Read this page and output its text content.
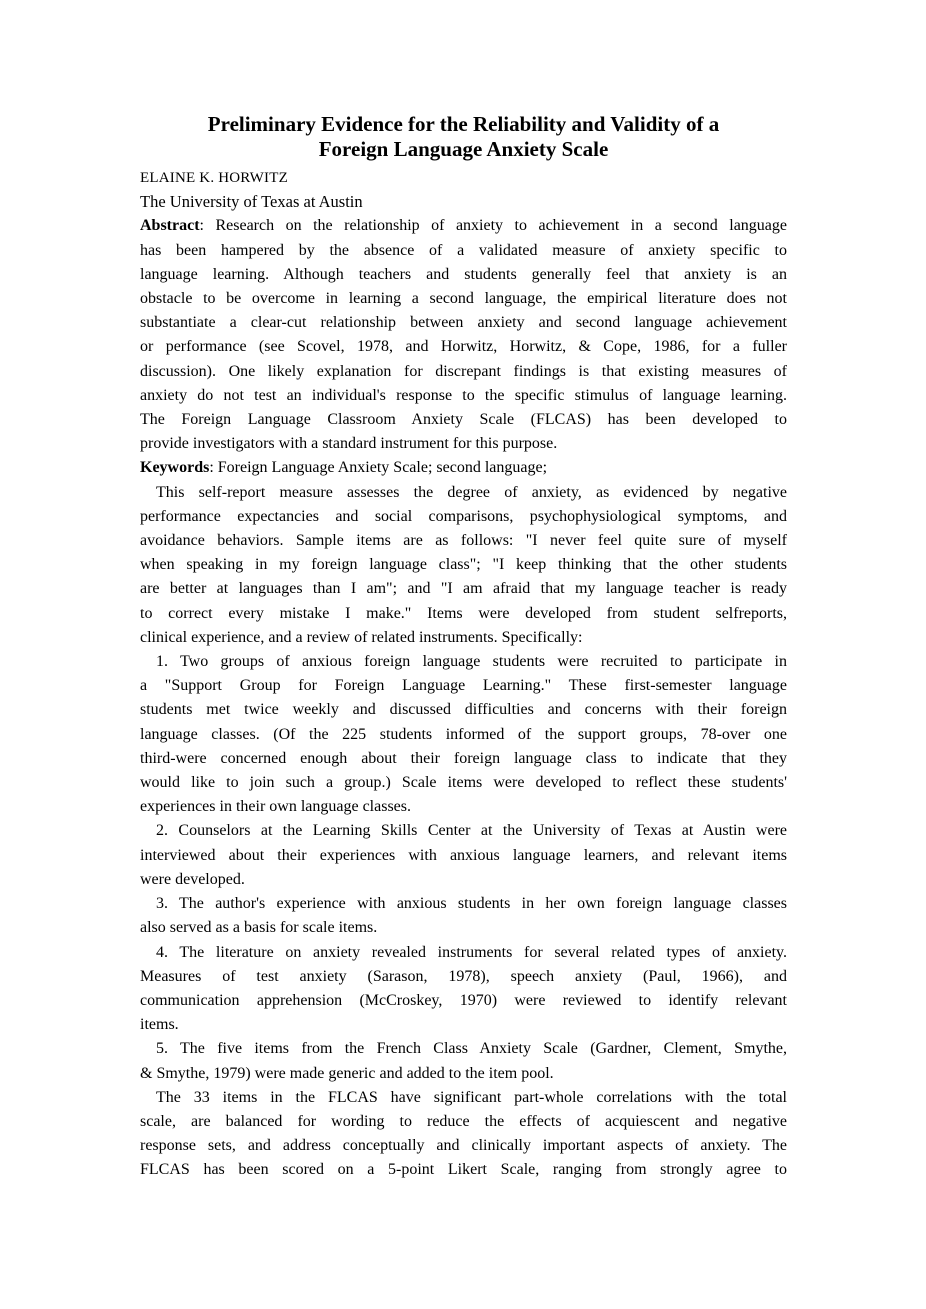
Preliminary Evidence for the Reliability and Validity of a
Foreign Language Anxiety Scale
ELAINE K. HORWITZ
The University of Texas at Austin
Abstract: Research on the relationship of anxiety to achievement in a second language
has been hampered by the absence of a validated measure of anxiety specific to
language learning. Although teachers and students generally feel that anxiety is an
obstacle to be overcome in learning a second language, the empirical literature does not
substantiate a clear-cut relationship between anxiety and second language achievement
or performance (see Scovel, 1978, and Horwitz, Horwitz, & Cope, 1986, for a fuller
discussion). One likely explanation for discrepant findings is that existing measures of
anxiety do not test an individual's response to the specific stimulus of language learning.
The Foreign Language Classroom Anxiety Scale (FLCAS) has been developed to
provide investigators with a standard instrument for this purpose.
Keywords: Foreign Language Anxiety Scale; second language;
This self-report measure assesses the degree of anxiety, as evidenced by negative
performance expectancies and social comparisons, psychophysiological symptoms, and
avoidance behaviors. Sample items are as follows: "I never feel quite sure of myself
when speaking in my foreign language class"; "I keep thinking that the other students
are better at languages than I am"; and "I am afraid that my language teacher is ready
to correct every mistake I make." Items were developed from student selfreports,
clinical experience, and a review of related instruments. Specifically:
1. Two groups of anxious foreign language students were recruited to participate in
a "Support Group for Foreign Language Learning." These first-semester language
students met twice weekly and discussed difficulties and concerns with their foreign
language classes. (Of the 225 students informed of the support groups, 78-over one
third-were concerned enough about their foreign language class to indicate that they
would like to join such a group.) Scale items were developed to reflect these students'
experiences in their own language classes.
2. Counselors at the Learning Skills Center at the University of Texas at Austin were
interviewed about their experiences with anxious language learners, and relevant items
were developed.
3. The author's experience with anxious students in her own foreign language classes
also served as a basis for scale items.
4. The literature on anxiety revealed instruments for several related types of anxiety.
Measures of test anxiety (Sarason, 1978), speech anxiety (Paul, 1966), and
communication apprehension (McCroskey, 1970) were reviewed to identify relevant
items.
5. The five items from the French Class Anxiety Scale (Gardner, Clement, Smythe,
& Smythe, 1979) were made generic and added to the item pool.
The 33 items in the FLCAS have significant part-whole correlations with the total
scale, are balanced for wording to reduce the effects of acquiescent and negative
response sets, and address conceptually and clinically important aspects of anxiety. The
FLCAS has been scored on a 5-point Likert Scale, ranging from strongly agree to
